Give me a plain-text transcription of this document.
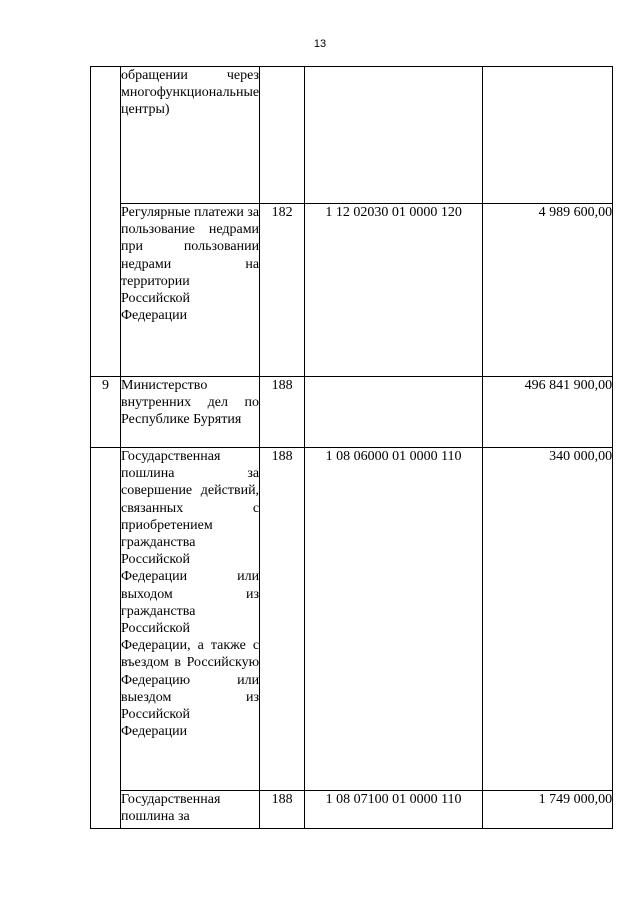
13
	обращении через многофункциональные центры)			
	Регулярные платежи за пользование недрами при пользовании недрами на территории Российской Федерации	182	1 12 02030 01 0000 120	4 989 600,00
9	Министерство внутренних дел по Республике Бурятия	188		496 841 900,00
	Государственная пошлина за совершение действий, связанных с приобретением гражданства Российской Федерации или выходом из гражданства Российской Федерации, а также с въездом в Российскую Федерацию или выездом из Российской Федерации	188	1 08 06000 01 0000 110	340 000,00
	Государственная пошлина за	188	1 08 07100 01 0000 110	1 749 000,00
